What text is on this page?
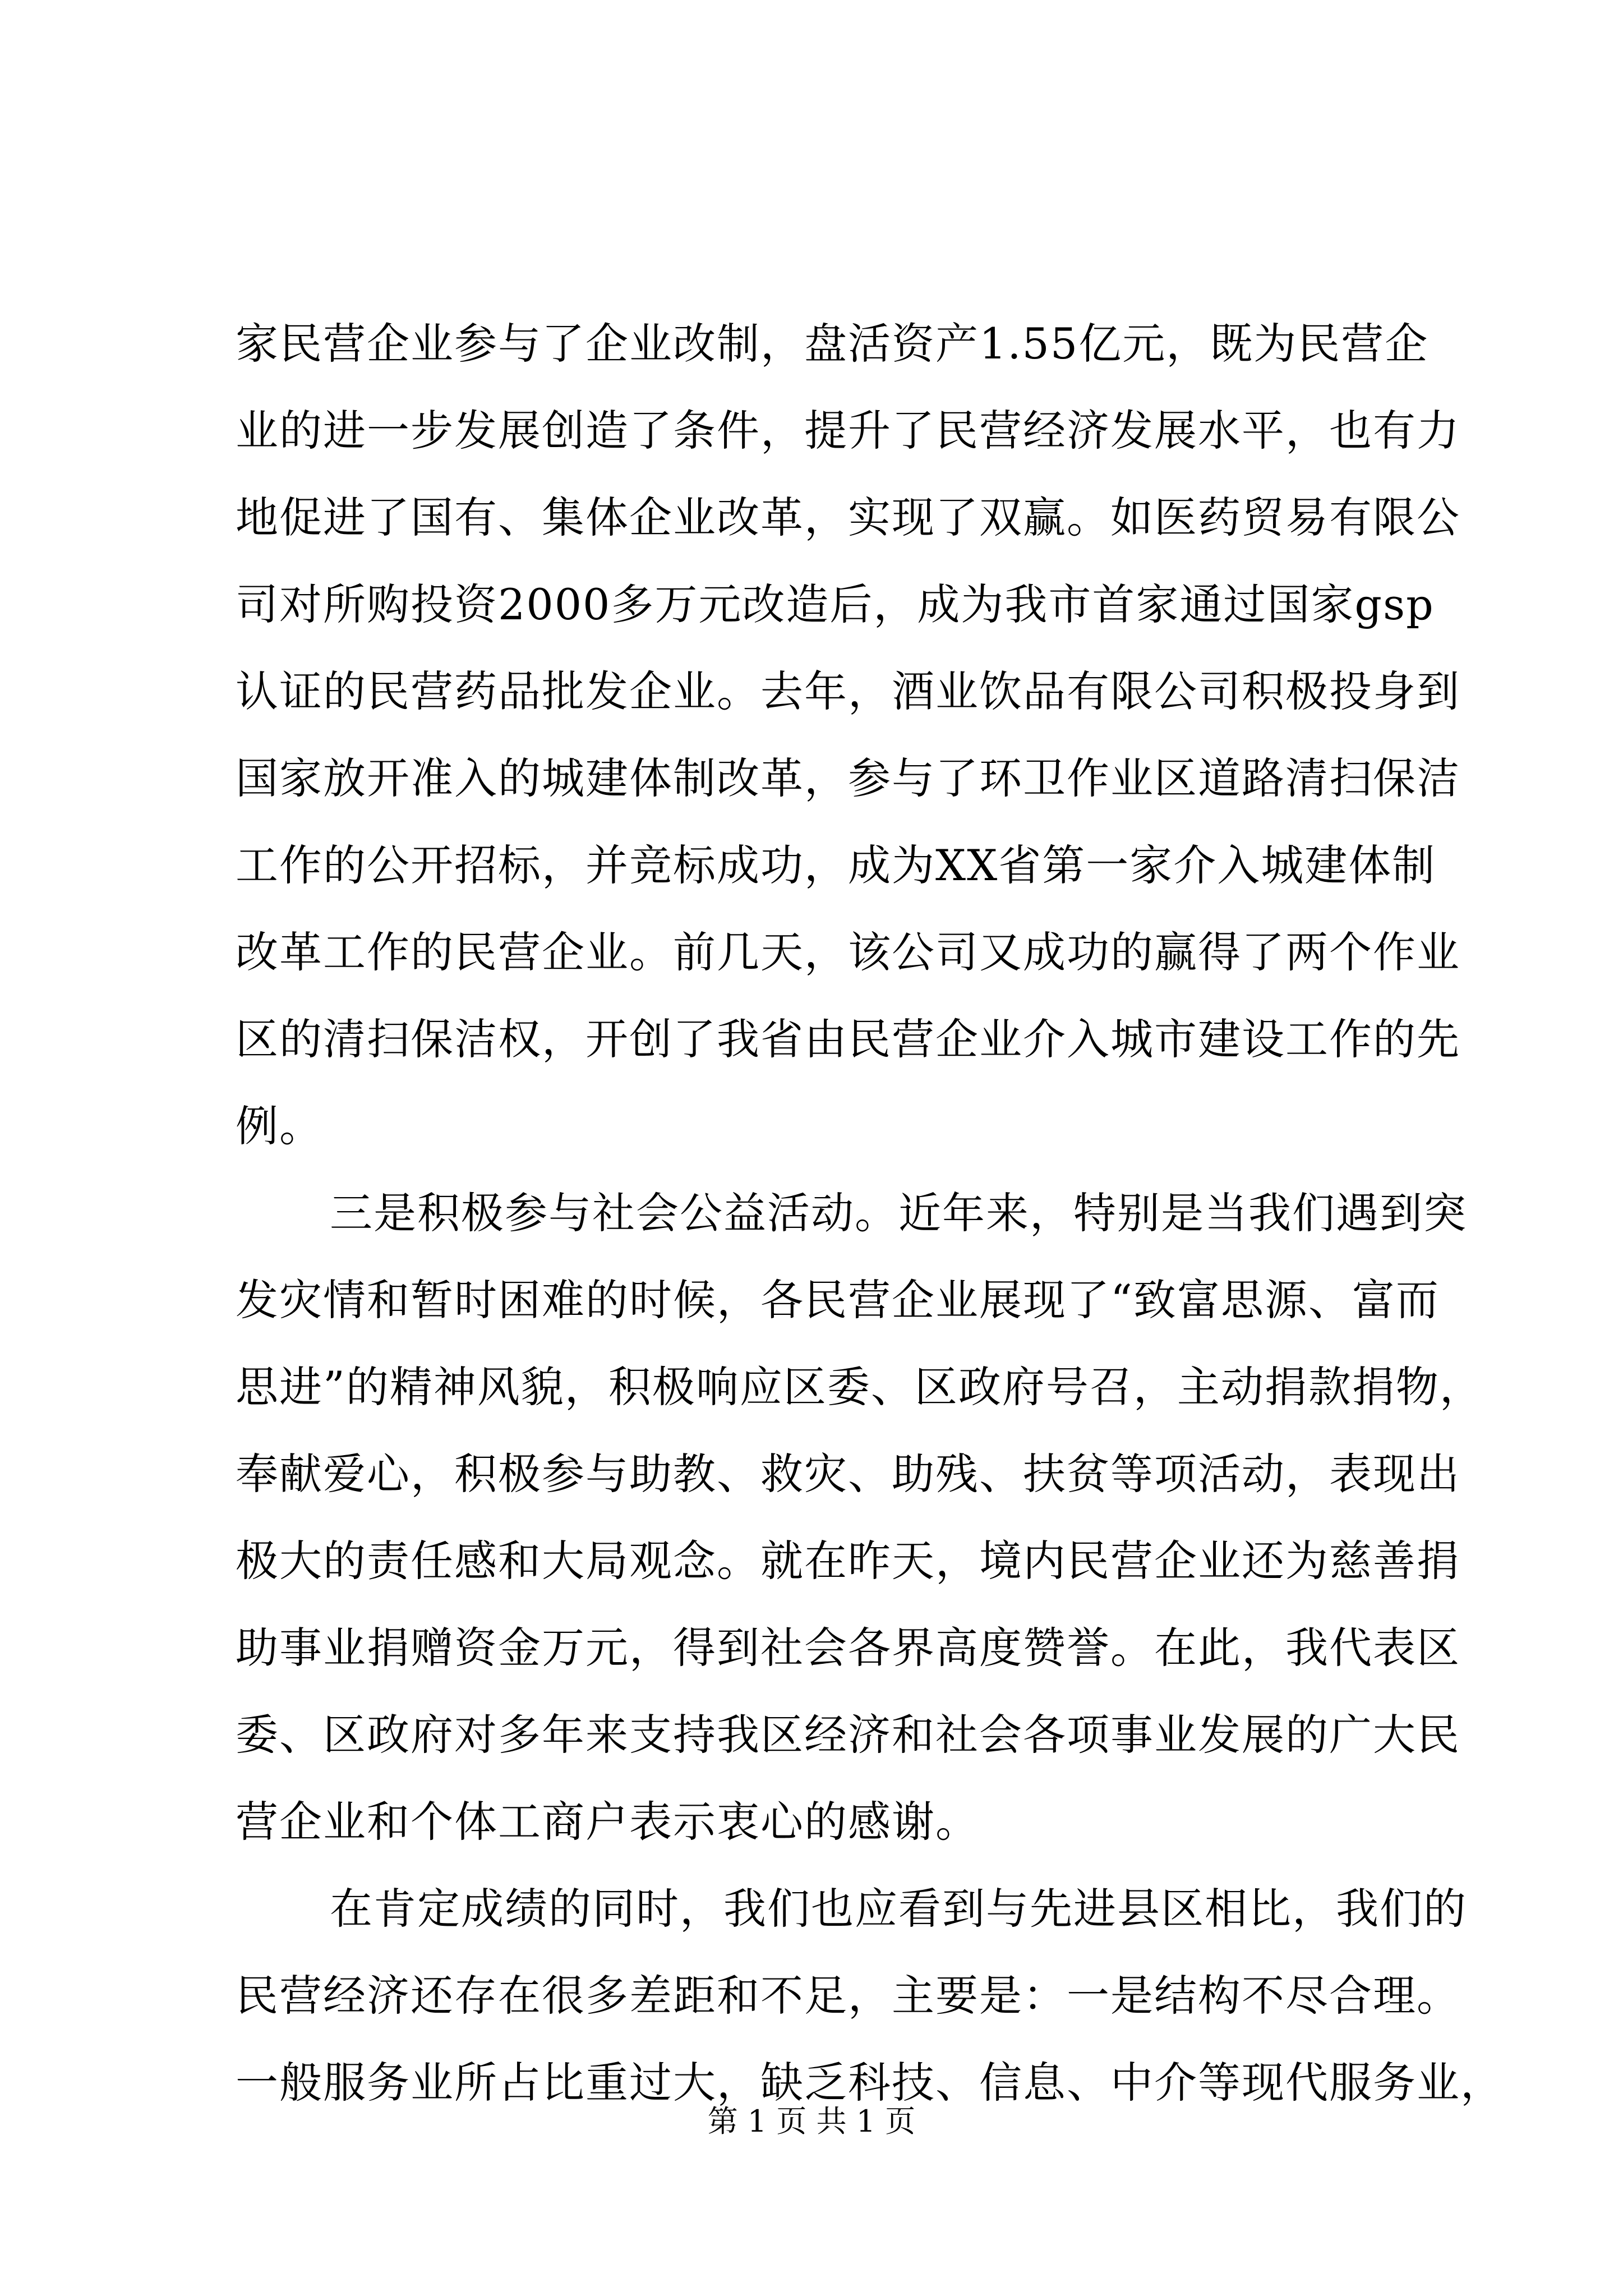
家民营企业参与了企业改制，盘活资产1.55亿元，既为民营企
业的进一步发展创造了条件，提升了民营经济发展水平，也有力
地促进了国有、集体企业改革，实现了双赢。如医药贸易有限公
司对所购投资2000多万元改造后，成为我市首家通过国家gsp
认证的民营药品批发企业。去年，酒业饮品有限公司积极投身到
国家放开准入的城建体制改革，参与了环卫作业区道路清扫保洁
工作的公开招标，并竞标成功，成为XX省第一家介入城建体制
改革工作的民营企业。前几天，该公司又成功的赢得了两个作业
区的清扫保洁权，开创了我省由民营企业介入城市建设工作的先
例。
三是积极参与社会公益活动。近年来，特别是当我们遇到突
发灾情和暂时困难的时候，各民营企业展现了“致富思源、富而
思进”的精神风貌，积极响应区委、区政府号召，主动捐款捐物，
奉献爱心，积极参与助教、救灾、助残、扶贫等项活动，表现出
极大的责任感和大局观念。就在昨天，境内民营企业还为慈善捐
助事业捐赠资金万元，得到社会各界高度赞誉。在此，我代表区
委、区政府对多年来支持我区经济和社会各项事业发展的广大民
营企业和个体工商户表示衷心的感谢。
在肯定成绩的同时，我们也应看到与先进县区相比，我们的
民营经济还存在很多差距和不足，主要是：一是结构不尽合理。
一般服务业所占比重过大，缺乏科技、信息、中介等现代服务业，
第 1 页 共 1 页
